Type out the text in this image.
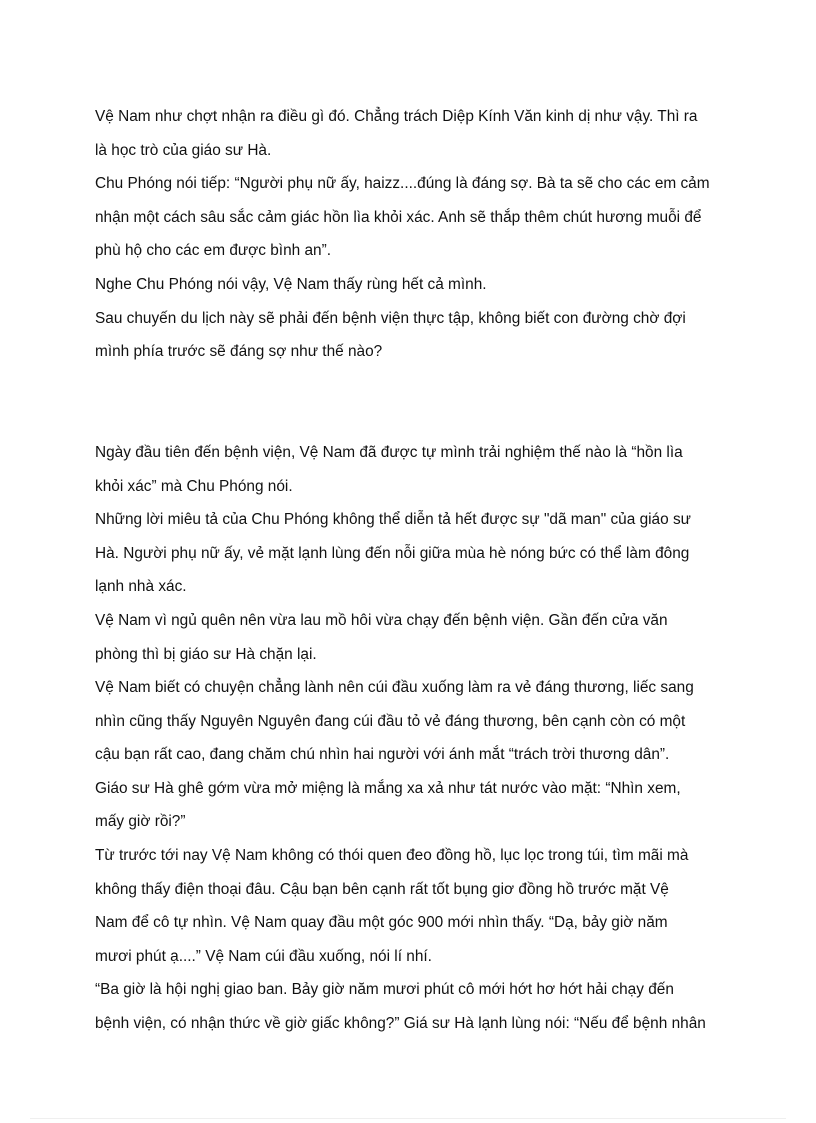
Vệ Nam như chợt nhận ra điều gì đó. Chẳng trách Diệp Kính Văn kinh dị như vậy. Thì ra

là học trò của giáo sư Hà.

Chu Phóng nói tiếp: “Người phụ nữ ấy, haizz....đúng là đáng sợ. Bà ta sẽ cho các em cảm

nhận một cách sâu sắc cảm giác hồn lìa khỏi xác. Anh sẽ thắp thêm chút hương muỗi để

phù hộ cho các em được bình an”.

Nghe Chu Phóng nói vậy, Vệ Nam thấy rùng hết cả mình.

Sau chuyến du lịch này sẽ phải đến bệnh viện thực tập, không biết con đường chờ đợi

mình phía trước sẽ đáng sợ như thế nào?

Ngày đầu tiên đến bệnh viện, Vệ Nam đã được tự mình trải nghiệm thế nào là “hồn lìa

khỏi xác” mà Chu Phóng nói.

Những lời miêu tả của Chu Phóng không thể diễn tả hết được sự "dã man" của giáo sư

Hà. Người phụ nữ ấy, vẻ mặt lạnh lùng đến nỗi giữa mùa hè nóng bức có thể làm đông

lạnh nhà xác.

Vệ Nam vì ngủ quên nên vừa lau mồ hôi vừa chạy đến bệnh viện. Gần đến cửa văn

phòng thì bị giáo sư Hà chặn lại.

Vệ Nam biết có chuyện chẳng lành nên cúi đầu xuống làm ra vẻ đáng thương, liếc sang

nhìn cũng thấy Nguyên Nguyên đang cúi đầu tỏ vẻ đáng thương, bên cạnh còn có một

cậu bạn rất cao, đang chăm chú nhìn hai người với ánh mắt “trách trời thương dân”.

Giáo sư Hà ghê gớm vừa mở miệng là mắng xa xả như tát nước vào mặt: “Nhìn xem,

mấy giờ rồi?”

Từ trước tới nay Vệ Nam không có thói quen đeo đồng hồ, lục lọc trong túi, tìm mãi mà

không thấy điện thoại đâu. Cậu bạn bên cạnh rất tốt bụng giơ đồng hồ trước mặt Vệ

Nam để cô tự nhìn. Vệ Nam quay đầu một góc 900 mới nhìn thấy. “Dạ, bảy giờ năm

mươi phút ạ....” Vệ Nam cúi đầu xuống, nói lí nhí.

“Ba giờ là hội nghị giao ban. Bảy giờ năm mươi phút cô mới hớt hơ hớt hải chạy đến

bệnh viện, có nhận thức về giờ giấc không?” Giá sư Hà lạnh lùng nói: “Nếu để bệnh nhân
